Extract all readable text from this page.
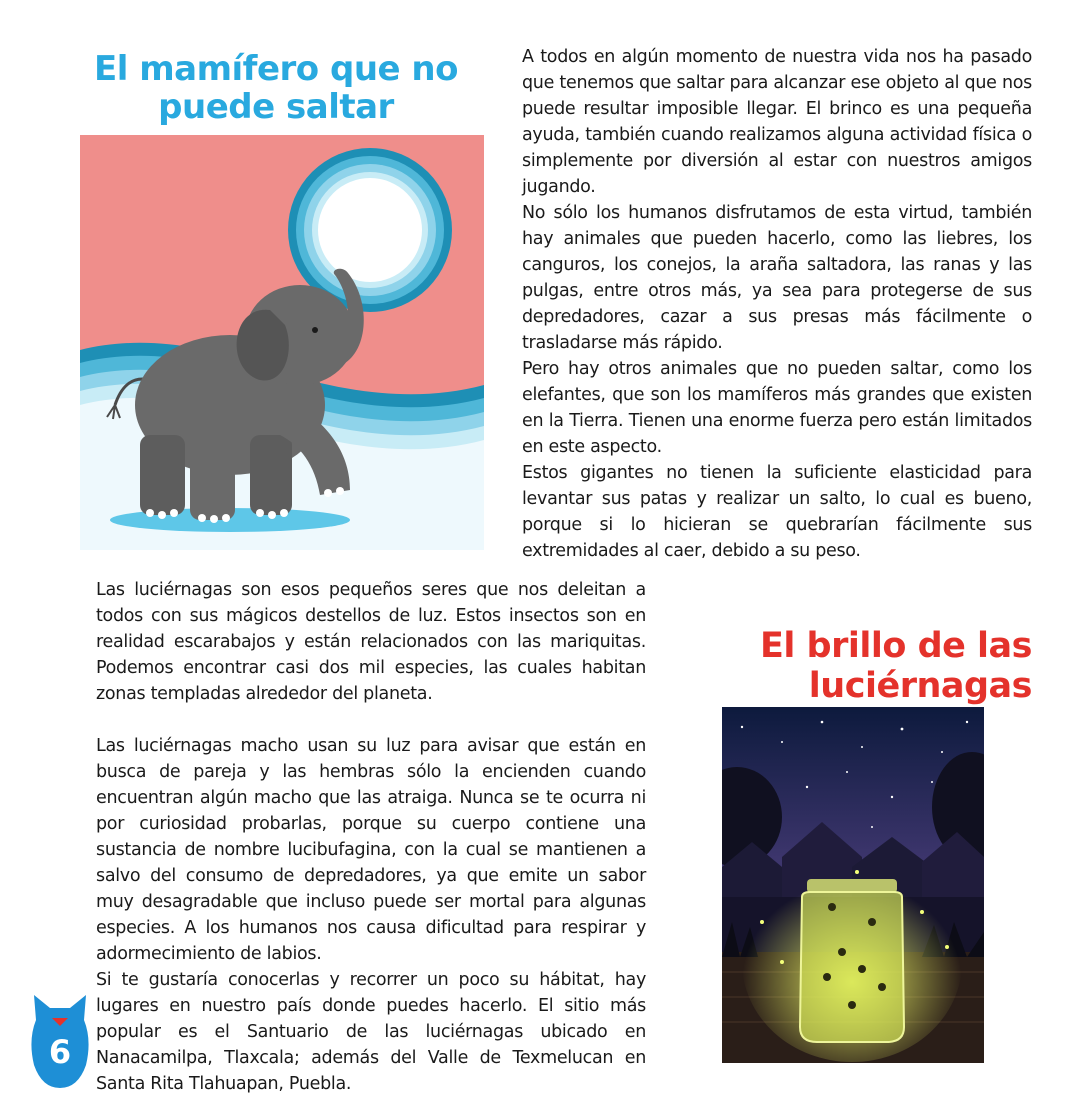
El mamífero que no puede saltar

A todos en algún momento de nuestra vida nos ha pasado que tenemos que saltar para alcanzar ese objeto al que nos puede resultar imposible llegar. El brinco es una pequeña ayuda, también cuando realizamos alguna actividad física o simplemente por diversión al estar con nuestros amigos jugando.

No sólo los humanos disfrutamos de esta virtud, también hay animales que pueden hacerlo, como las liebres, los canguros, los conejos, la araña saltadora, las ranas y las pulgas, entre otros más, ya sea para protegerse de sus depredadores, cazar a sus presas más fácilmente o trasladarse más rápido.

Pero hay otros animales que no pueden saltar, como los elefantes, que son los mamíferos más grandes que existen en la Tierra. Tienen una enorme fuerza pero están limitados en este aspecto.

Estos gigantes no tienen la suficiente elasticidad para levantar sus patas y realizar un salto, lo cual es bueno, porque si lo hicieran se quebrarían fácilmente sus extremidades al caer, debido a su peso.

Las luciérnagas son esos pequeños seres que nos deleitan a todos con sus mágicos destellos de luz. Estos insectos son en realidad escarabajos y están relacionados con las mariquitas. Podemos encontrar casi dos mil especies, las cuales habitan zonas templadas alrededor del planeta.

Las luciérnagas macho usan su luz para avisar que están en busca de pareja y las hembras sólo la encienden cuando encuentran algún macho que las atraiga. Nunca se te ocurra ni por curiosidad probarlas, porque su cuerpo contiene una sustancia de nombre lucibufagina, con la cual se mantienen a salvo del consumo de depredadores, ya que emite un sabor muy desagradable que incluso puede ser mortal para algunas especies. A los humanos nos causa dificultad para respirar y adormecimiento de labios.

Si te gustaría conocerlas y recorrer un poco su hábitat, hay lugares en nuestro país donde puedes hacerlo. El sitio más popular es el Santuario de las luciérnagas ubicado en Nanacamilpa, Tlaxcala; además del Valle de Texmelucan en Santa Rita Tlahuapan, Puebla.

El brillo de las luciérnagas
6
